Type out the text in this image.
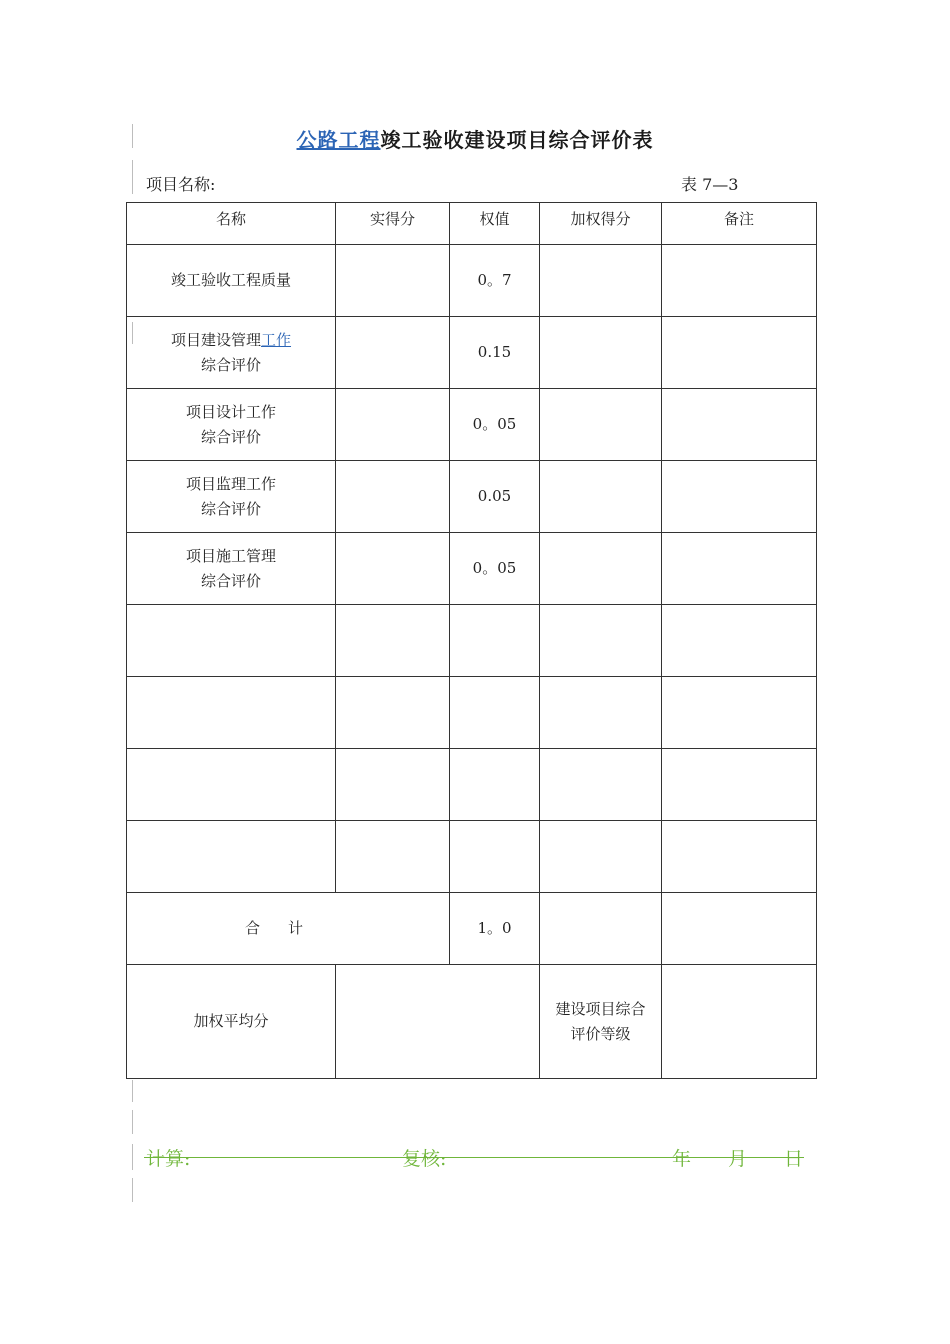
公路工程竣工验收建设项目综合评价表
项目名称:	表 7—3
名称	实得分	权值	加权得分	备注
竣工验收工程质量		0。7		
项目建设管理工作
综合评价		0.15		
项目设计工作
综合评价		0。05		
项目监理工作
综合评价		0.05		
项目施工管理
综合评价		0。05		

合计		1。0		
加权平均分			建设项目综合
评价等级	
计算:	复核:	年 月 日
